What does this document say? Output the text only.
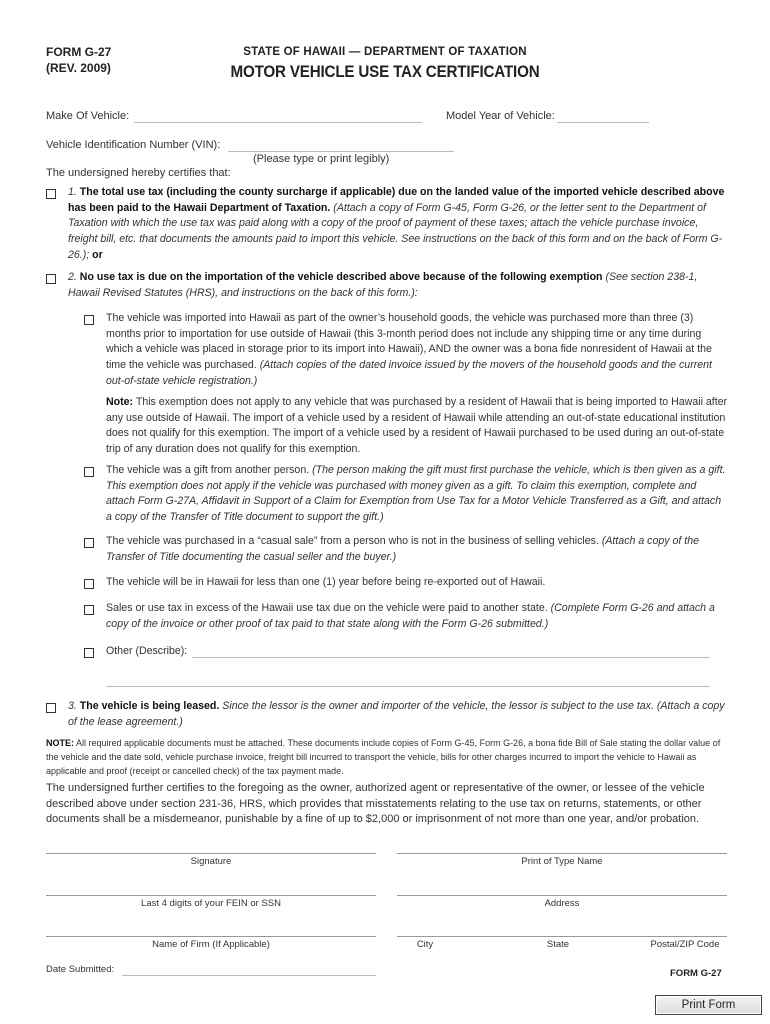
FORM G-27
(REV. 2009)
STATE OF HAWAII — DEPARTMENT OF TAXATION
MOTOR VEHICLE USE TAX CERTIFICATION
Make Of Vehicle:	Model Year of Vehicle:
Vehicle Identification Number (VIN):
(Please type or print legibly)
The undersigned hereby certifies that:
1. The total use tax (including the county surcharge if applicable) due on the landed value of the imported vehicle described above has been paid to the Hawaii Department of Taxation. (Attach a copy of Form G-45, Form G-26, or the letter sent to the Department of Taxation with which the use tax was paid along with a copy of the proof of payment of these taxes; attach the vehicle purchase invoice, freight bill, etc. that documents the amounts paid to import this vehicle. See instructions on the back of this form and on the back of Form G-26.); or
2. No use tax is due on the importation of the vehicle described above because of the following exemption (See section 238-1, Hawaii Revised Statutes (HRS), and instructions on the back of this form.):
The vehicle was imported into Hawaii as part of the owner’s household goods, the vehicle was purchased more than three (3) months prior to importation for use outside of Hawaii (this 3-month period does not include any shipping time or any time during which a vehicle was placed in storage prior to its import into Hawaii), AND the owner was a bona fide nonresident of Hawaii at the time the vehicle was purchased. (Attach copies of the dated invoice issued by the movers of the household goods and the current out-of-state vehicle registration.)
Note: This exemption does not apply to any vehicle that was purchased by a resident of Hawaii that is being imported to Hawaii after any use outside of Hawaii. The import of a vehicle used by a resident of Hawaii while attending an out-of-state educational institution does not qualify for this exemption. The import of a vehicle used by a resident of Hawaii purchased to be used during an out-of-state trip of any duration does not qualify for this exemption.
The vehicle was a gift from another person. (The person making the gift must first purchase the vehicle, which is then given as a gift. This exemption does not apply if the vehicle was purchased with money given as a gift. To claim this exemption, complete and attach Form G-27A, Affidavit in Support of a Claim for Exemption from Use Tax for a Motor Vehicle Transferred as a Gift, and attach a copy of the Transfer of Title document to support the gift.)
The vehicle was purchased in a “casual sale” from a person who is not in the business of selling vehicles. (Attach a copy of the Transfer of Title documenting the casual seller and the buyer.)
The vehicle will be in Hawaii for less than one (1) year before being re-exported out of Hawaii.
Sales or use tax in excess of the Hawaii use tax due on the vehicle were paid to another state. (Complete Form G-26 and attach a copy of the invoice or other proof of tax paid to that state along with the Form G-26 submitted.)
Other (Describe):
3. The vehicle is being leased. Since the lessor is the owner and importer of the vehicle, the lessor is subject to the use tax. (Attach a copy of the lease agreement.)
NOTE: All required applicable documents must be attached. These documents include copies of Form G-45, Form G-26, a bona fide Bill of Sale stating the dollar value of the vehicle and the date sold, vehicle purchase invoice, freight bill incurred to transport the vehicle, bills for other charges incurred to import the vehicle to Hawaii as applicable and proof (receipt or cancelled check) of the tax payment made.
The undersigned further certifies to the foregoing as the owner, authorized agent or representative of the owner, or lessee of the vehicle described above under section 231-36, HRS, which provides that misstatements relating to the use tax on returns, statements, or other documents shall be a misdemeanor, punishable by a fine of up to $2,000 or imprisonment of not more than one year, and/or probation.
Signature	Print of Type Name
Last 4 digits of your FEIN or SSN	Address
Name of Firm (If Applicable)	City	State	Postal/ZIP Code
Date Submitted:	FORM G-27
Print Form
